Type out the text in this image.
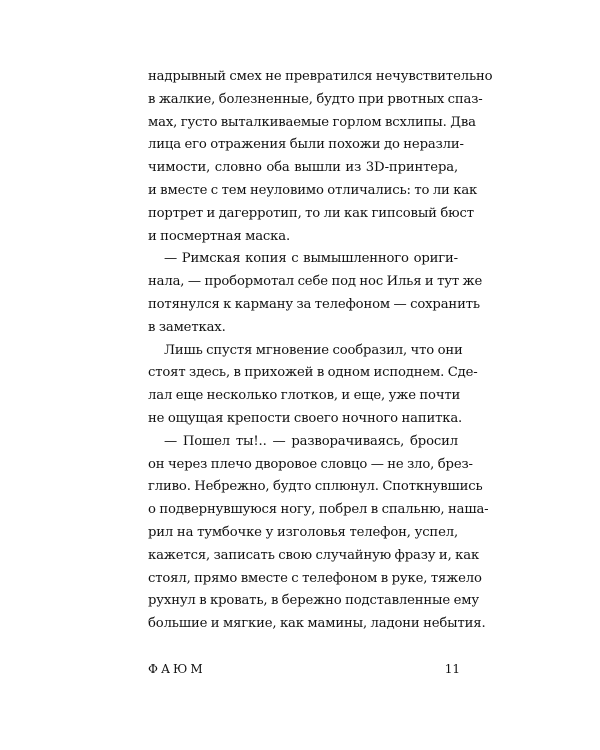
надрывный смех не превратился нечувствительно
в жалкие, болезненные, будто при рвотных спаз-
мах, густо выталкиваемые горлом всхлипы. Два
лица его отражения были похожи до неразли-
чимости, словно оба вышли из 3D-принтера,
и вместе с тем неуловимо отличались: то ли как
портрет и дагерротип, то ли как гипсовый бюст
и посмертная маска.
— Римская копия с вымышленного ориги-
нала, — пробормотал себе под нос Илья и тут же
потянулся к карману за телефоном — сохранить
в заметках.
Лишь спустя мгновение сообразил, что они
стоят здесь, в прихожей в одном исподнем. Сде-
лал еще несколько глотков, и еще, уже почти
не ощущая крепости своего ночного напитка.
— Пошел ты!.. — разворачиваясь, бросил
он через плечо дворовое словцо — не зло, брез-
гливо. Небрежно, будто сплюнул. Споткнувшись
о подвернувшуюся ногу, побрел в спальню, наша-
рил на тумбочке у изголовья телефон, успел,
кажется, записать свою случайную фразу и, как
стоял, прямо вместе с телефоном в руке, тяжело
рухнул в кровать, в бережно подставленные ему
большие и мягкие, как мамины, ладони небытия.
ФАЮМ	11
